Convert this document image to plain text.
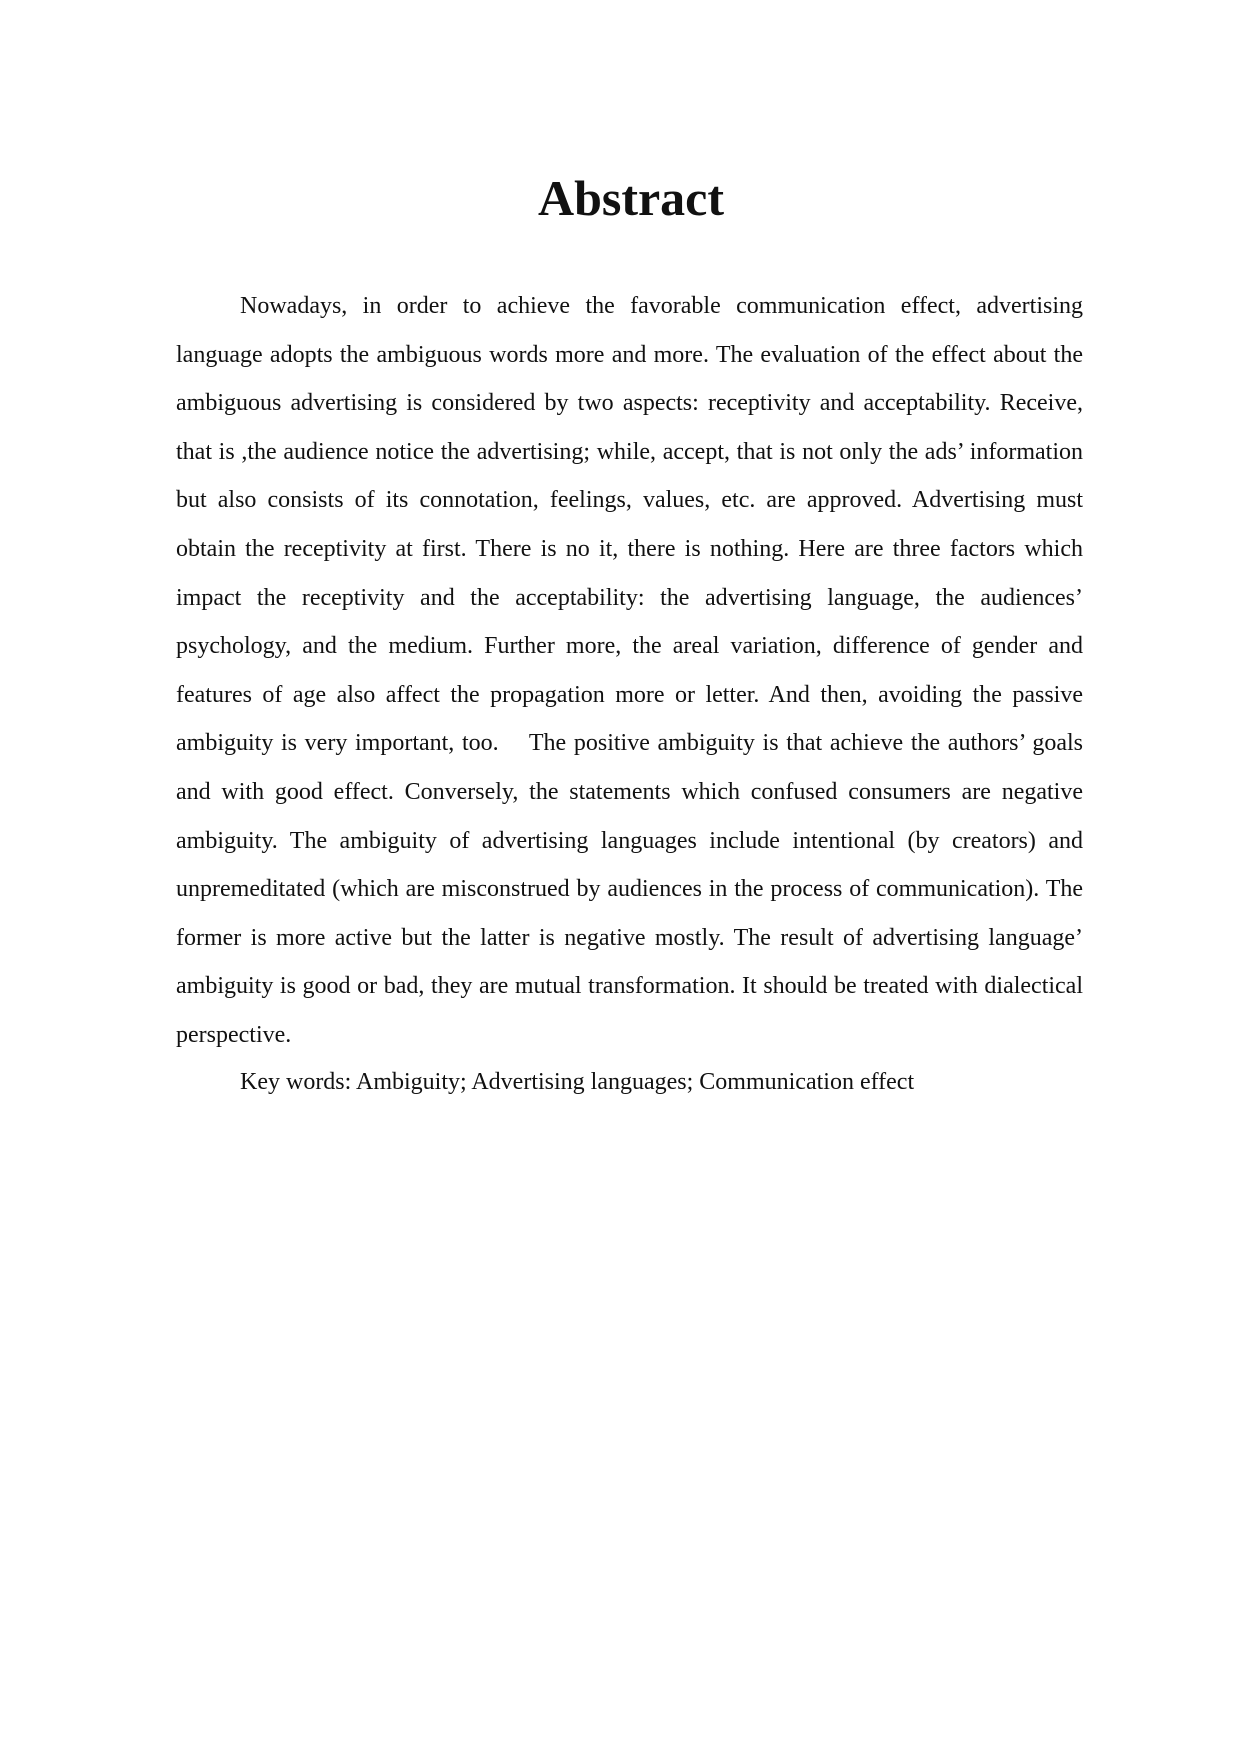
Abstract

Nowadays, in order to achieve the favorable communication effect, advertising language adopts the ambiguous words more and more. The evaluation of the effect about the ambiguous advertising is considered by two aspects: receptivity and acceptability. Receive, that is ,the audience notice the advertising; while, accept, that is not only the ads’ information but also consists of its connotation, feelings, values, etc. are approved. Advertising must obtain the receptivity at first. There is no it, there is nothing. Here are three factors which impact the receptivity and the acceptability: the advertising language, the audiences’ psychology, and the medium. Further more, the areal variation, difference of gender and features of age also affect the propagation more or letter. And then, avoiding the passive ambiguity is very important, too.    The positive ambiguity is that achieve the authors’ goals and with good effect. Conversely, the statements which confused consumers are negative ambiguity. The ambiguity of advertising languages include intentional (by creators) and unpremeditated (which are misconstrued by audiences in the process of communication). The former is more active but the latter is negative mostly. The result of advertising language’ ambiguity is good or bad, they are mutual transformation. It should be treated with dialectical perspective.

Key words: Ambiguity; Advertising languages; Communication effect
